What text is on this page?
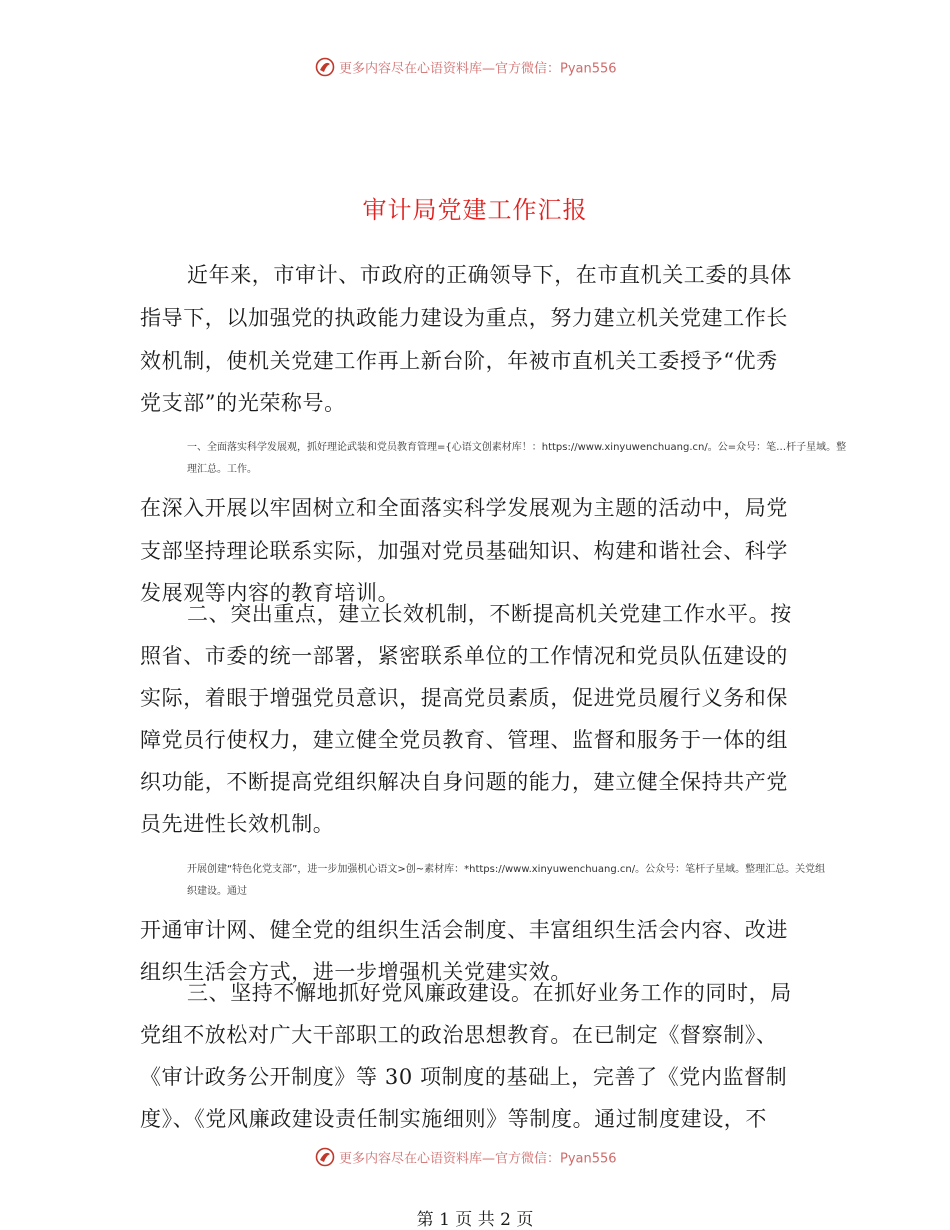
更多内容尽在心语资料库—官方微信：Pyan556
审计局党建工作汇报
近年来，市审计、市政府的正确领导下，在市直机关工委的具体
指导下，以加强党的执政能力建设为重点，努力建立机关党建工作长
效机制，使机关党建工作再上新台阶，年被市直机关工委授予“优秀
党支部”的光荣称号。
一、全面落实科学发展观，抓好理论武装和党员教育管理={心语文创素材库！：https://www.xinyuwenchuang.cn/。公=众号：笔…杆子星域。整
理汇总。工作。
在深入开展以牢固树立和全面落实科学发展观为主题的活动中，局党
支部坚持理论联系实际，加强对党员基础知识、构建和谐社会、科学
发展观等内容的教育培训。
二、突出重点，建立长效机制，不断提高机关党建工作水平。按
照省、市委的统一部署，紧密联系单位的工作情况和党员队伍建设的
实际，着眼于增强党员意识，提高党员素质，促进党员履行义务和保
障党员行使权力，建立健全党员教育、管理、监督和服务于一体的组
织功能，不断提高党组织解决自身问题的能力，建立健全保持共产党
员先进性长效机制。
开展创建“特色化党支部”，进一步加强机心语文>创~素材库：*https://www.xinyuwenchuang.cn/。公众号：笔杆子星域。整理汇总。关党组
织建设。通过
开通审计网、健全党的组织生活会制度、丰富组织生活会内容、改进
组织生活会方式，进一步增强机关党建实效。
三、坚持不懈地抓好党风廉政建设。在抓好业务工作的同时，局
党组不放松对广大干部职工的政治思想教育。在已制定《督察制》、
《审计政务公开制度》等 30 项制度的基础上，完善了《党内监督制
度》、《党风廉政建设责任制实施细则》等制度。通过制度建设，不
更多内容尽在心语资料库—官方微信：Pyan556
第 1 页 共 2 页
